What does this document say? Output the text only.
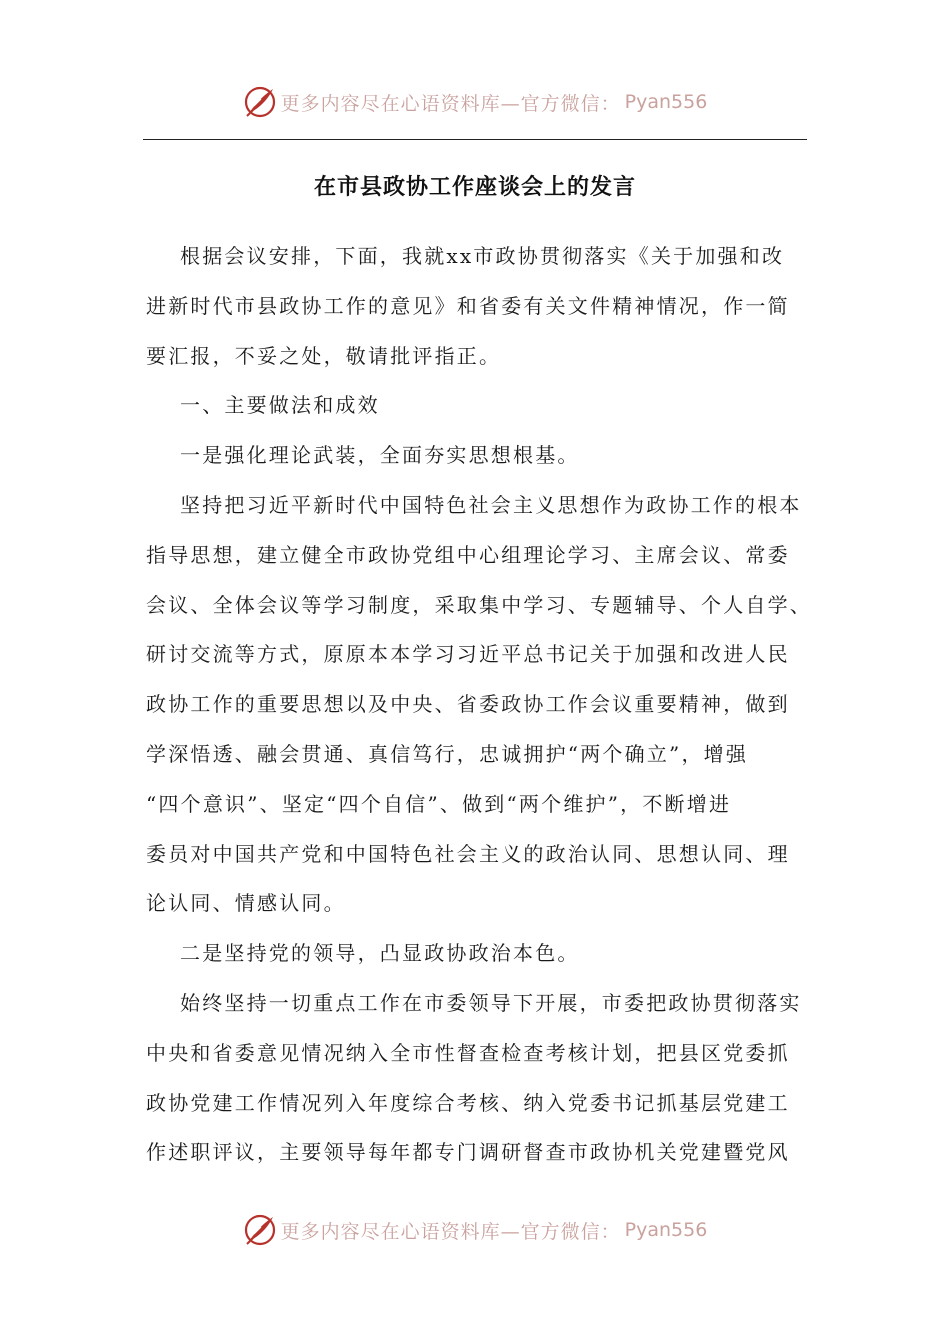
更多内容尽在心语资料库—官方微信： Pyan556
在市县政协工作座谈会上的发言
根据会议安排，下面，我就xx市政协贯彻落实《关于加强和改
进新时代市县政协工作的意见》和省委有关文件精神情况，作一简
要汇报，不妥之处，敬请批评指正。
一、主要做法和成效
一是强化理论武装，全面夯实思想根基。
坚持把习近平新时代中国特色社会主义思想作为政协工作的根本
指导思想，建立健全市政协党组中心组理论学习、主席会议、常委
会议、全体会议等学习制度，采取集中学习、专题辅导、个人自学、
研讨交流等方式，原原本本学习习近平总书记关于加强和改进人民
政协工作的重要思想以及中央、省委政协工作会议重要精神，做到
学深悟透、融会贯通、真信笃行，忠诚拥护“两个确立”，增强
“四个意识”、坚定“四个自信”、做到“两个维护”，不断增进
委员对中国共产党和中国特色社会主义的政治认同、思想认同、理
论认同、情感认同。
二是坚持党的领导，凸显政协政治本色。
始终坚持一切重点工作在市委领导下开展，市委把政协贯彻落实
中央和省委意见情况纳入全市性督查检查考核计划，把县区党委抓
政协党建工作情况列入年度综合考核、纳入党委书记抓基层党建工
作述职评议，主要领导每年都专门调研督查市政协机关党建暨党风
更多内容尽在心语资料库—官方微信： Pyan556
